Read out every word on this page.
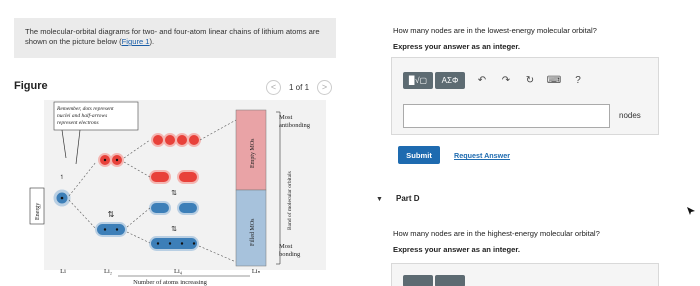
The molecular-orbital diagrams for two- and four-atom linear chains of lithium atoms are shown on the picture below (Figure 1).
Figure	<	1 of 1	>
Energy
Remember, dots represent
nuclei and half-arrows
represent electrons
↿
⇅
⇅
⇅
Empty MOs
Filled MOs
Band of molecular orbitals
Most
antibonding
Most
bonding
Li	Li₂	Li₄	Liₙ
Number of atoms increasing
How many nodes are in the lowest-energy molecular orbital?
Express your answer as an integer.
▉√▢	ΑΣΦ	↶	↷	↻	⌨	?
nodes
Submit	Request Answer
▼ Part D
How many nodes are in the highest-energy molecular orbital?
Express your answer as an integer.
